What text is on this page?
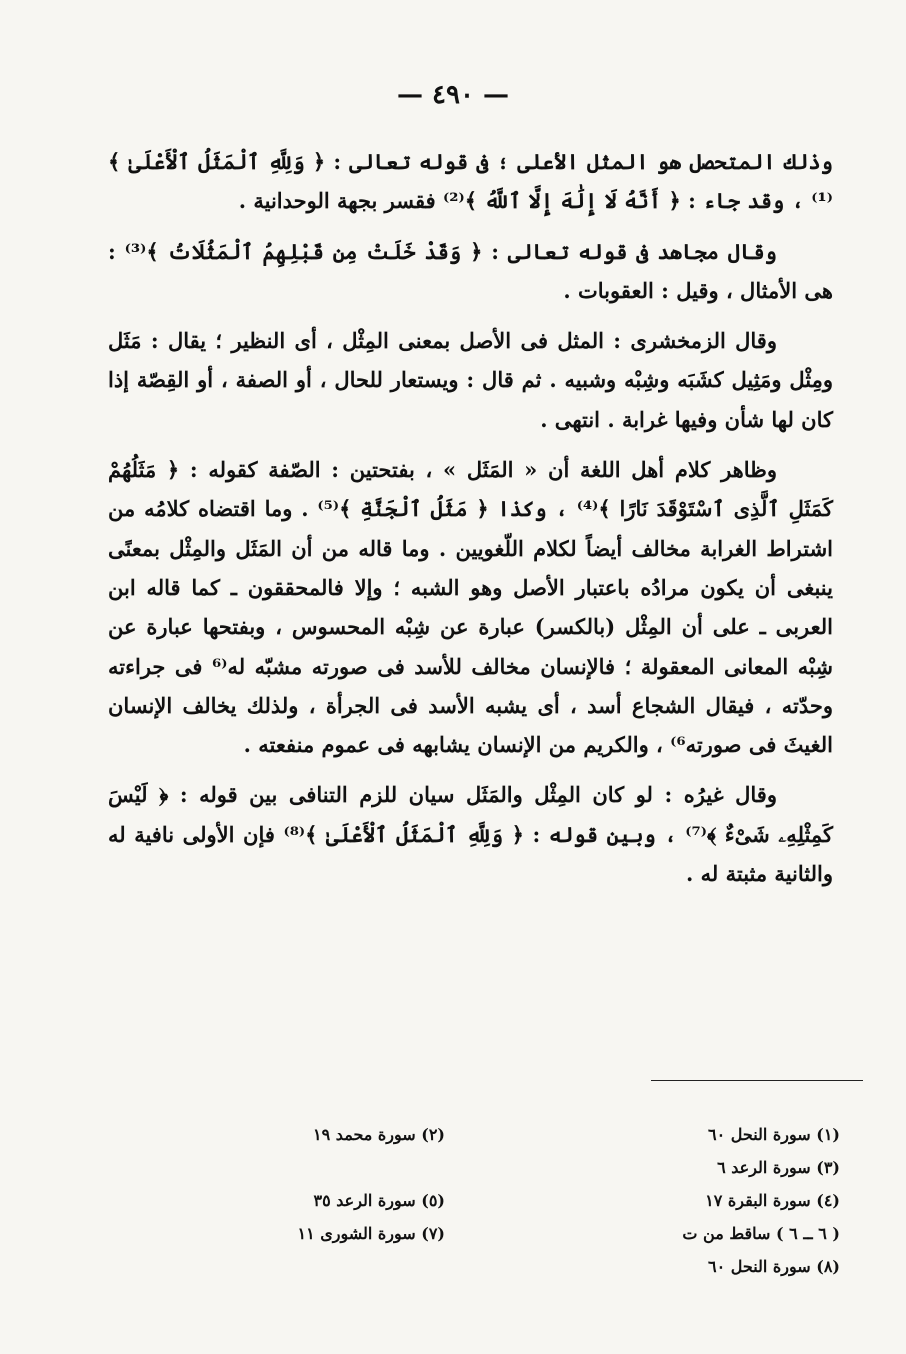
— ٤٩٠ —

وذلك المتحصل هو المثل الأعلى ؛ فى قوله تعالى : ﴿ وَلِلَّهِ ٱلْمَثَلُ ٱلْأَعْلَىٰ ﴾⁽¹⁾ ، وقد جاء : ﴿ أَنَّهُ لَا إِلَٰهَ إِلَّا ٱللَّهُ ﴾⁽²⁾ فقسر بجهة الوحدانية .

وقال مجاهد فى قوله تعالى : ﴿ وَقَدْ خَلَتْ مِن قَبْلِهِمُ ٱلْمَثُلَاتُ ﴾⁽³⁾ : هى الأمثال ، وقيل : العقوبات .

وقال الزمخشرى : المثل فى الأصل بمعنى المِثْل ، أى النظير ؛ يقال : مَثَل ومِثْل ومَثِيل كشَبَه وشِبْه وشبيه . ثم قال : ويستعار للحال ، أو الصفة ، أو القِصّة إذا كان لها شأن وفيها غرابة . انتهى .

وظاهر كلام أهل اللغة أن « المَثَل » ، بفتحتين : الصّفة كقوله : ﴿ مَثَلُهُمْ كَمَثَلِ ٱلَّذِى ٱسْتَوْقَدَ نَارًا ﴾⁽⁴⁾ ، وكذا ﴿ مَثَلُ ٱلْجَنَّةِ ﴾⁽⁵⁾ . وما اقتضاه كلامُه من اشتراط الغرابة مخالف أيضاً لكلام اللّغويين . وما قاله من أن المَثَل والمِثْل بمعنًى ينبغى أن يكون مرادُه باعتبار الأصل وهو الشبه ؛ وإلا فالمحققون ـ كما قاله ابن العربى ـ على أن المِثْل (بالكسر) عبارة عن شِبْه المحسوس ، وبفتحها عبارة عن شِبْه المعانى المعقولة ؛ فالإنسان مخالف للأسد فى صورته مشبّه له⁽⁶ فى جراءته وحدّته ، فيقال الشجاع أسد ، أى يشبه الأسد فى الجرأة ، ولذلك يخالف الإنسان الغيثَ فى صورته⁶⁾ ، والكريم من الإنسان يشابهه فى عموم منفعته .

وقال غيرُه : لو كان المِثْل والمَثَل سيان للزم التنافى بين قوله : ﴿ لَيْسَ كَمِثْلِهِۦ شَىْءٌ ﴾⁽⁷⁾ ، وبين قوله : ﴿ وَلِلَّهِ ٱلْمَثَلُ ٱلْأَعْلَىٰ ﴾⁽⁸⁾ فإن الأولى نافية له والثانية مثبتة له .

(١) سورة النحل ٦٠
(٣) سورة الرعد ٦
(٤) سورة البقرة ١٧
( ٦ ــ ٦ ) ساقط من ت
(٨) سورة النحل ٦٠
(٢) سورة محمد ١٩
(٥) سورة الرعد ٣٥
(٧) سورة الشورى ١١
